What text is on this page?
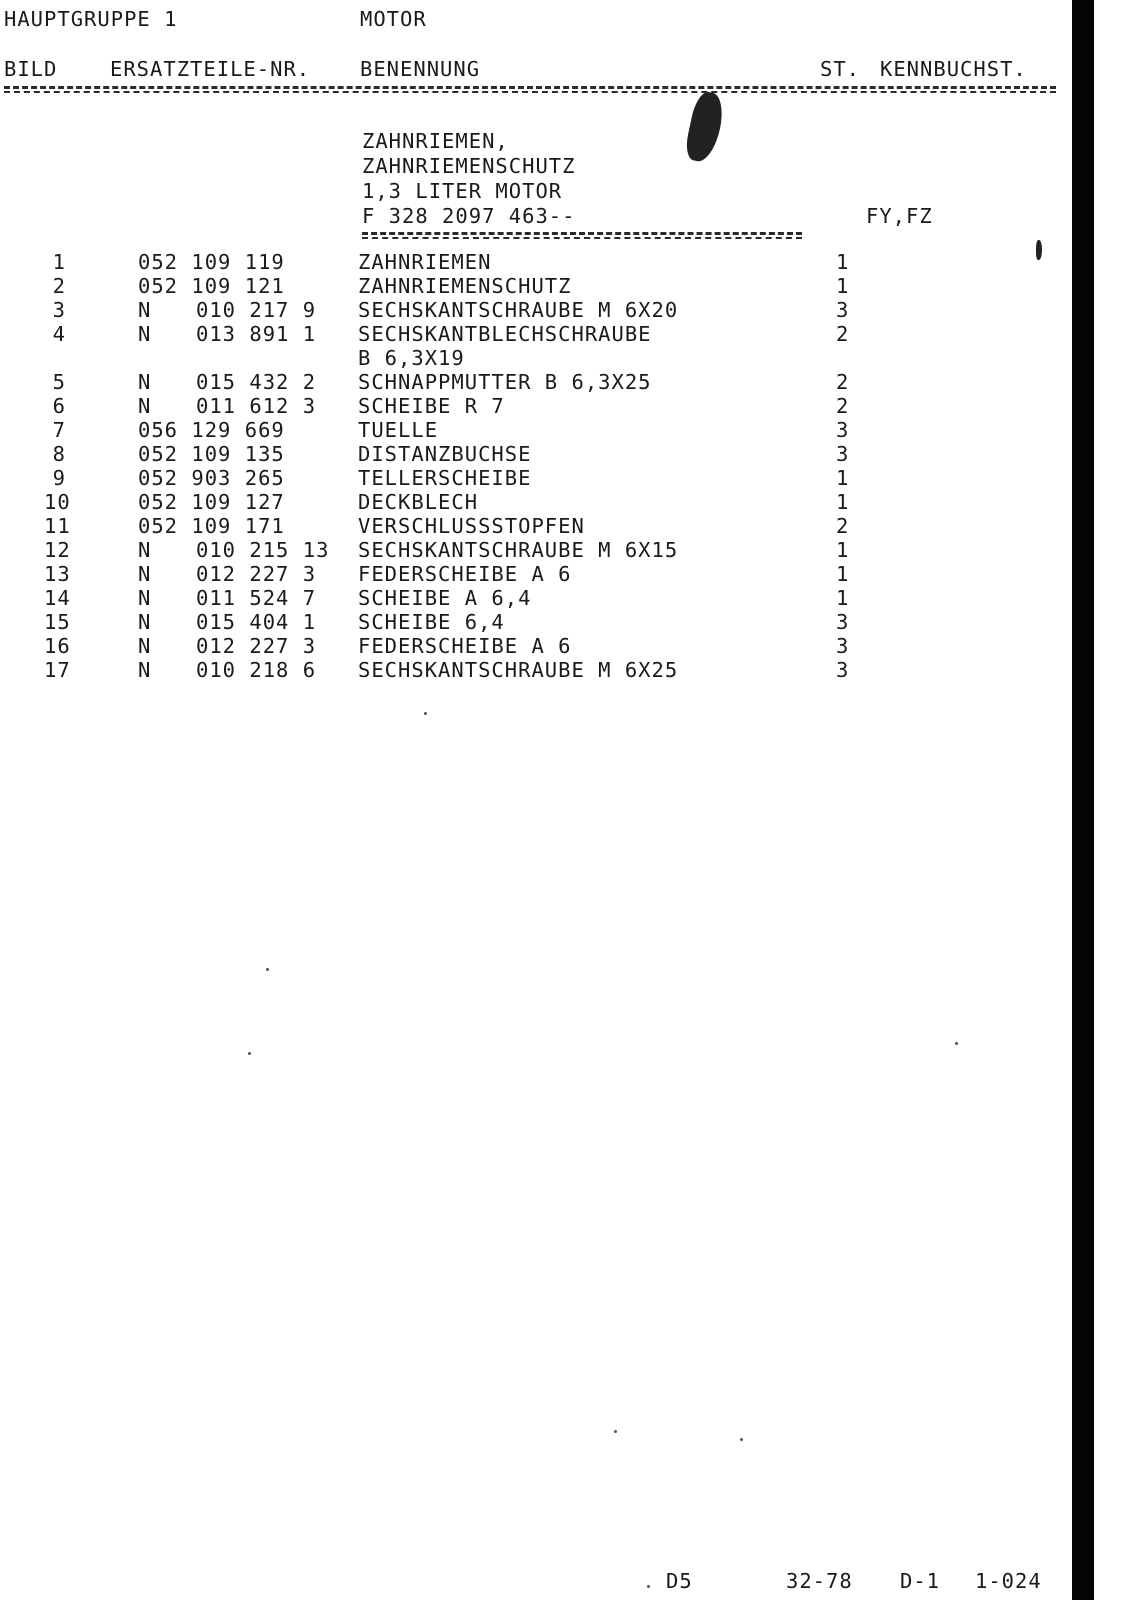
HAUPTGRUPPE 1	MOTOR
BILD	ERSATZTEILE-NR. BENENNUNG	ST. KENNBUCHST.
ZAHNRIEMEN,
ZAHNRIEMENSCHUTZ
1,3 LITER MOTOR
F 328 2097 463--	FY,FZ
1	052 109 119	ZAHNRIEMEN	1
2	052 109 121	ZAHNRIEMENSCHUTZ	1
3	N 010 217 9 SECHSKANTSCHRAUBE M 6X20	3
4	N 013 891 1 SECHSKANTBLECHSCHRAUBE	2
B 6,3X19
5	N 015 432 2 SCHNAPPMUTTER B 6,3X25	2
6	N 011 612 3 SCHEIBE R 7	2
7	056 129 669	TUELLE	3
8	052 109 135	DISTANZBUCHSE	3
9	052 903 265	TELLERSCHEIBE	1
10	052 109 127	DECKBLECH	1
11	052 109 171	VERSCHLUSSSTOPFEN	2
12	N 010 215 13 SECHSKANTSCHRAUBE M 6X15	1
13	N 012 227 3 FEDERSCHEIBE A 6	1
14	N 011 524 7 SCHEIBE A 6,4	1
15	N 015 404 1 SCHEIBE 6,4	3
16	N 012 227 3 FEDERSCHEIBE A 6	3
17	N 010 218 6 SECHSKANTSCHRAUBE M 6X25	3
D5	32-78 D-1 1-024
